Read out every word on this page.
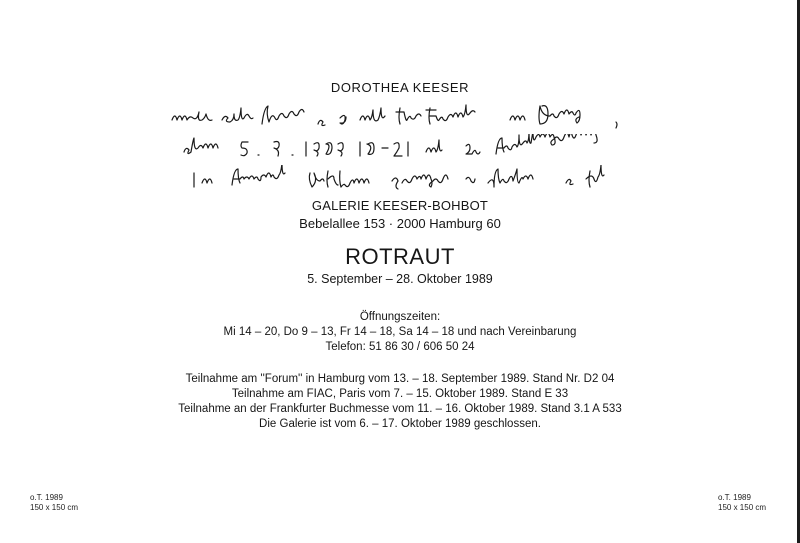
DOROTHEA KEESER
GALERIE KEESER-BOHBOT
Bebelallee 153 · 2000 Hamburg 60
ROTRAUT
5. September – 28. Oktober 1989
Öffnungszeiten:
Mi 14 – 20, Do 9 – 13, Fr 14 – 18, Sa 14 – 18 und nach Vereinbarung
Telefon: 51 86 30 / 606 50 24
Teilnahme am ''Forum'' in Hamburg vom 13. – 18. September 1989. Stand Nr. D2 04
Teilnahme am FIAC, Paris vom 7. – 15. Oktober 1989. Stand E 33
Teilnahme an der Frankfurter Buchmesse vom 11. – 16. Oktober 1989. Stand 3.1 A 533
Die Galerie ist vom 6. – 17. Oktober 1989 geschlossen.
o.T. 1989
150 x 150 cm
o.T. 1989
150 x 150 cm
